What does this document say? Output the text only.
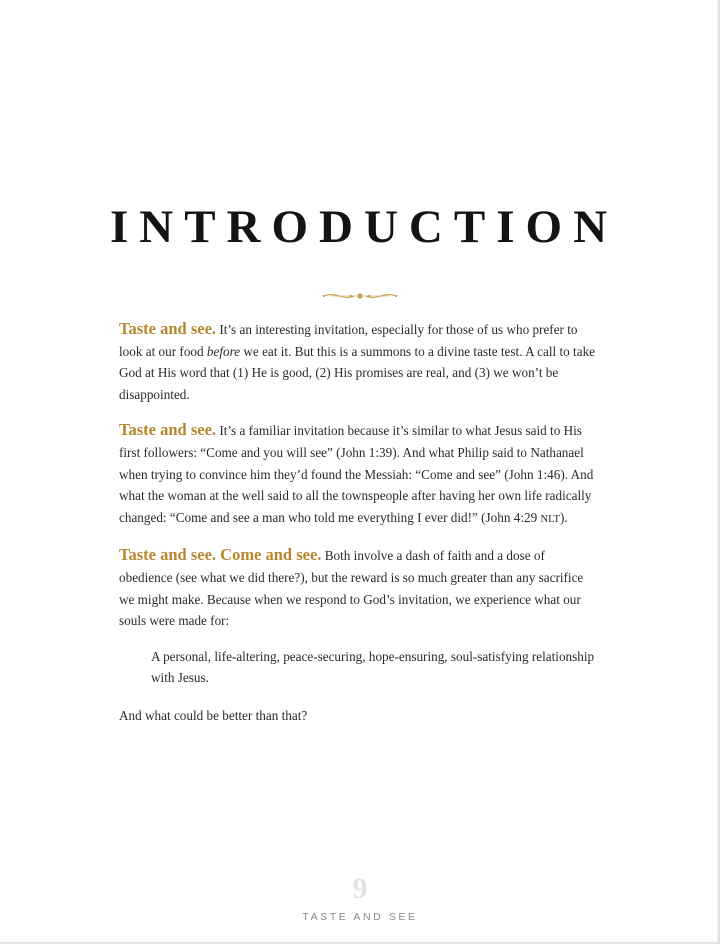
INTRODUCTION

Taste and see. It’s an interesting invitation, especially for those of us who prefer to look at our food before we eat it. But this is a summons to a divine taste test. A call to take God at His word that (1) He is good, (2) His promises are real, and (3) we won’t be disappointed.

Taste and see. It’s a familiar invitation because it’s similar to what Jesus said to His first followers: “Come and you will see” (John 1:39). And what Philip said to Nathanael when trying to convince him they’d found the Messiah: “Come and see” (John 1:46). And what the woman at the well said to all the townspeople after having her own life radically changed: “Come and see a man who told me everything I ever did!” (John 4:29 NLT).

Taste and see. Come and see. Both involve a dash of faith and a dose of obedience (see what we did there?), but the reward is so much greater than any sacrifice we might make. Because when we respond to God’s invitation, we experience what our souls were made for:

A personal, life-altering, peace-securing, hope-ensuring, soul-satisfying relationship with Jesus.

And what could be better than that?

9
TASTE AND SEE
